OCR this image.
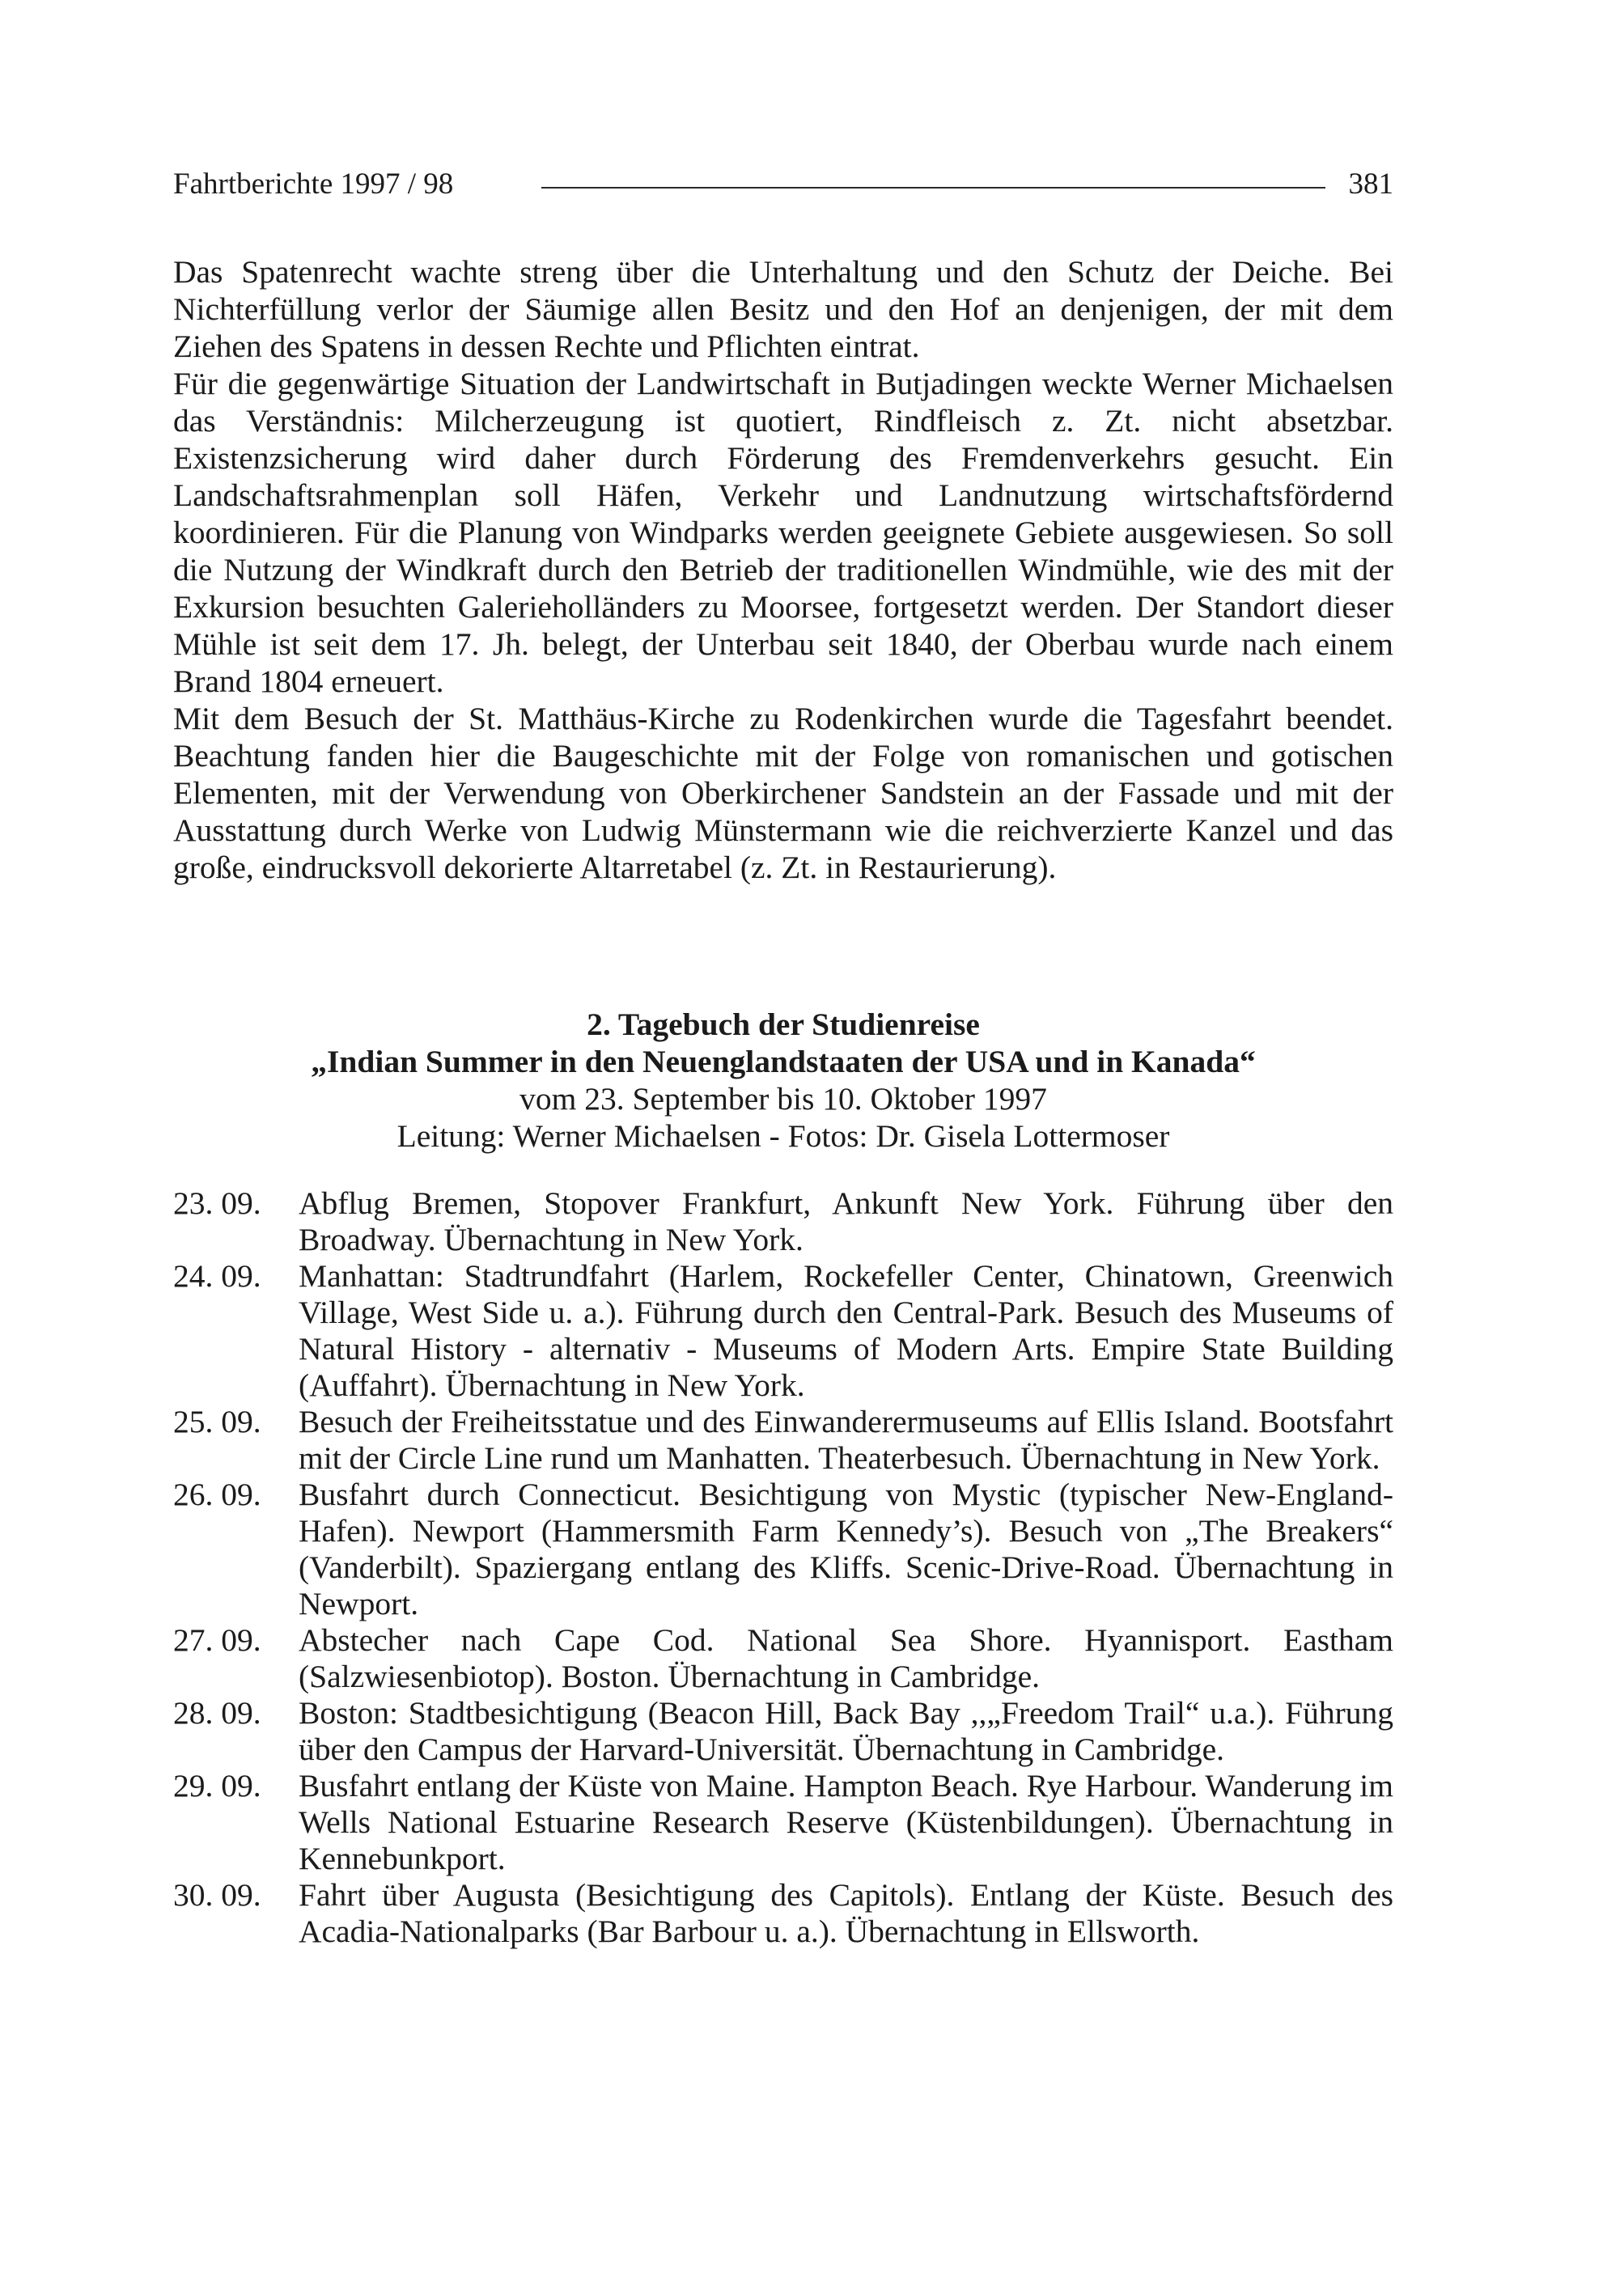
Fahrtberichte 1997 / 98	381

Das Spatenrecht wachte streng über die Unterhaltung und den Schutz der Deiche. Bei Nichterfüllung verlor der Säumige allen Besitz und den Hof an denjenigen, der mit dem Ziehen des Spatens in dessen Rechte und Pflichten eintrat.

Für die gegenwärtige Situation der Landwirtschaft in Butjadingen weckte Werner Michaelsen das Verständnis: Milcherzeugung ist quotiert, Rindfleisch z. Zt. nicht absetzbar. Existenzsicherung wird daher durch Förderung des Fremdenverkehrs gesucht. Ein Landschaftsrahmenplan soll Häfen, Verkehr und Landnutzung wirtschaftsfördernd koordinieren. Für die Planung von Windparks werden geeignete Gebiete ausgewiesen. So soll die Nutzung der Windkraft durch den Betrieb der traditionellen Windmühle, wie des mit der Exkursion besuchten Galerieholländers zu Moorsee, fortgesetzt werden. Der Standort dieser Mühle ist seit dem 17. Jh. belegt, der Unterbau seit 1840, der Oberbau wurde nach einem Brand 1804 erneuert.

Mit dem Besuch der St. Matthäus-Kirche zu Rodenkirchen wurde die Tagesfahrt beendet. Beachtung fanden hier die Baugeschichte mit der Folge von romanischen und gotischen Elementen, mit der Verwendung von Oberkirchener Sandstein an der Fassade und mit der Ausstattung durch Werke von Ludwig Münstermann wie die reichverzierte Kanzel und das große, eindrucksvoll dekorierte Altarretabel (z. Zt. in Restaurierung).

2. Tagebuch der Studienreise
„Indian Summer in den Neuenglandstaaten der USA und in Kanada“
vom 23. September bis 10. Oktober 1997
Leitung: Werner Michaelsen - Fotos: Dr. Gisela Lottermoser
23. 09.	Abflug Bremen, Stopover Frankfurt, Ankunft New York. Führung über den Broadway. Übernachtung in New York.
24. 09.	Manhattan: Stadtrundfahrt (Harlem, Rockefeller Center, Chinatown, Greenwich Village, West Side u. a.). Führung durch den Central-Park. Besuch des Museums of Natural History - alternativ - Museums of Modern Arts. Empire State Building (Auffahrt). Übernachtung in New York.
25. 09.	Besuch der Freiheitsstatue und des Einwanderermuseums auf Ellis Island. Bootsfahrt mit der Circle Line rund um Manhatten. Theaterbesuch. Übernachtung in New York.
26. 09.	Busfahrt durch Connecticut. Besichtigung von Mystic (typischer New-England-Hafen). Newport (Hammersmith Farm Kennedy’s). Besuch von „The Breakers“ (Vanderbilt). Spaziergang entlang des Kliffs. Scenic-Drive-Road. Übernachtung in Newport.
27. 09.	Abstecher nach Cape Cod. National Sea Shore. Hyannisport. Eastham (Salzwiesenbiotop). Boston. Übernachtung in Cambridge.
28. 09.	Boston: Stadtbesichtigung (Beacon Hill, Back Bay ,,„Freedom Trail“ u.a.). Führung über den Campus der Harvard-Universität. Übernachtung in Cambridge.
29. 09.	Busfahrt entlang der Küste von Maine. Hampton Beach. Rye Harbour. Wanderung im Wells National Estuarine Research Reserve (Küstenbildungen). Übernachtung in Kennebunkport.
30. 09.	Fahrt über Augusta (Besichtigung des Capitols). Entlang der Küste. Besuch des Acadia-Nationalparks (Bar Barbour u. a.). Übernachtung in Ellsworth.
